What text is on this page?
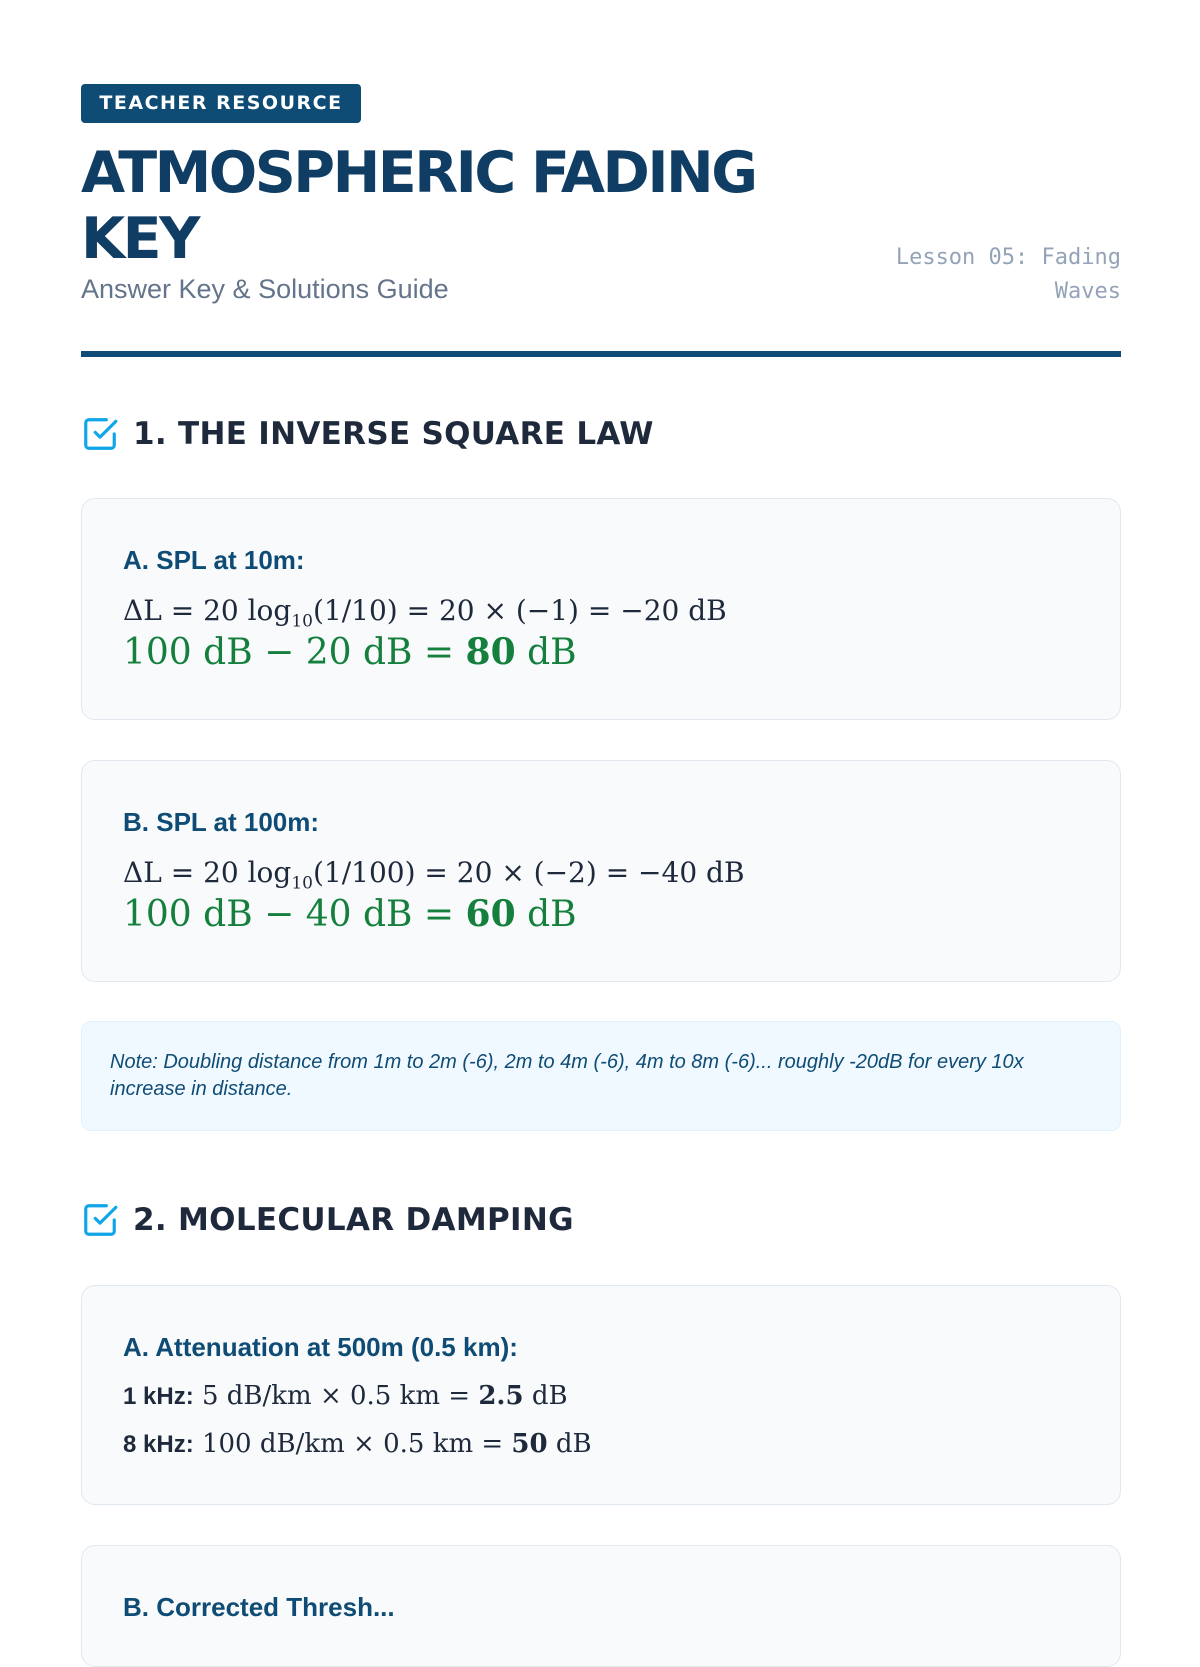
TEACHER RESOURCE
ATMOSPHERIC FADING KEY
Answer Key & Solutions Guide
Lesson 05: Fading Waves
1. THE INVERSE SQUARE LAW
A. SPL at 10m:
ΔL = 20 $\log_{10}(1/10) = 20 \times (-1) = -20$ dB
100 dB − 20 dB = 80 dB
B. SPL at 100m:
ΔL = 20 $\log_{10}(1/100) = 20 \times (-2) = -40$ dB
100 dB − 40 dB = 60 dB
Note: Doubling distance from 1m to 2m (-6), 2m to 4m (-6), 4m to 8m (-6)... roughly -20dB for every 10x increase in distance.
2. MOLECULAR DAMPING
A. Attenuation at 500m (0.5 km):
1 kHz: 5 dB/km × 0.5 km = 2.5 dB
8 kHz: 100 dB/km × 0.5 km = 50 dB
B. Corrected Thresh...
